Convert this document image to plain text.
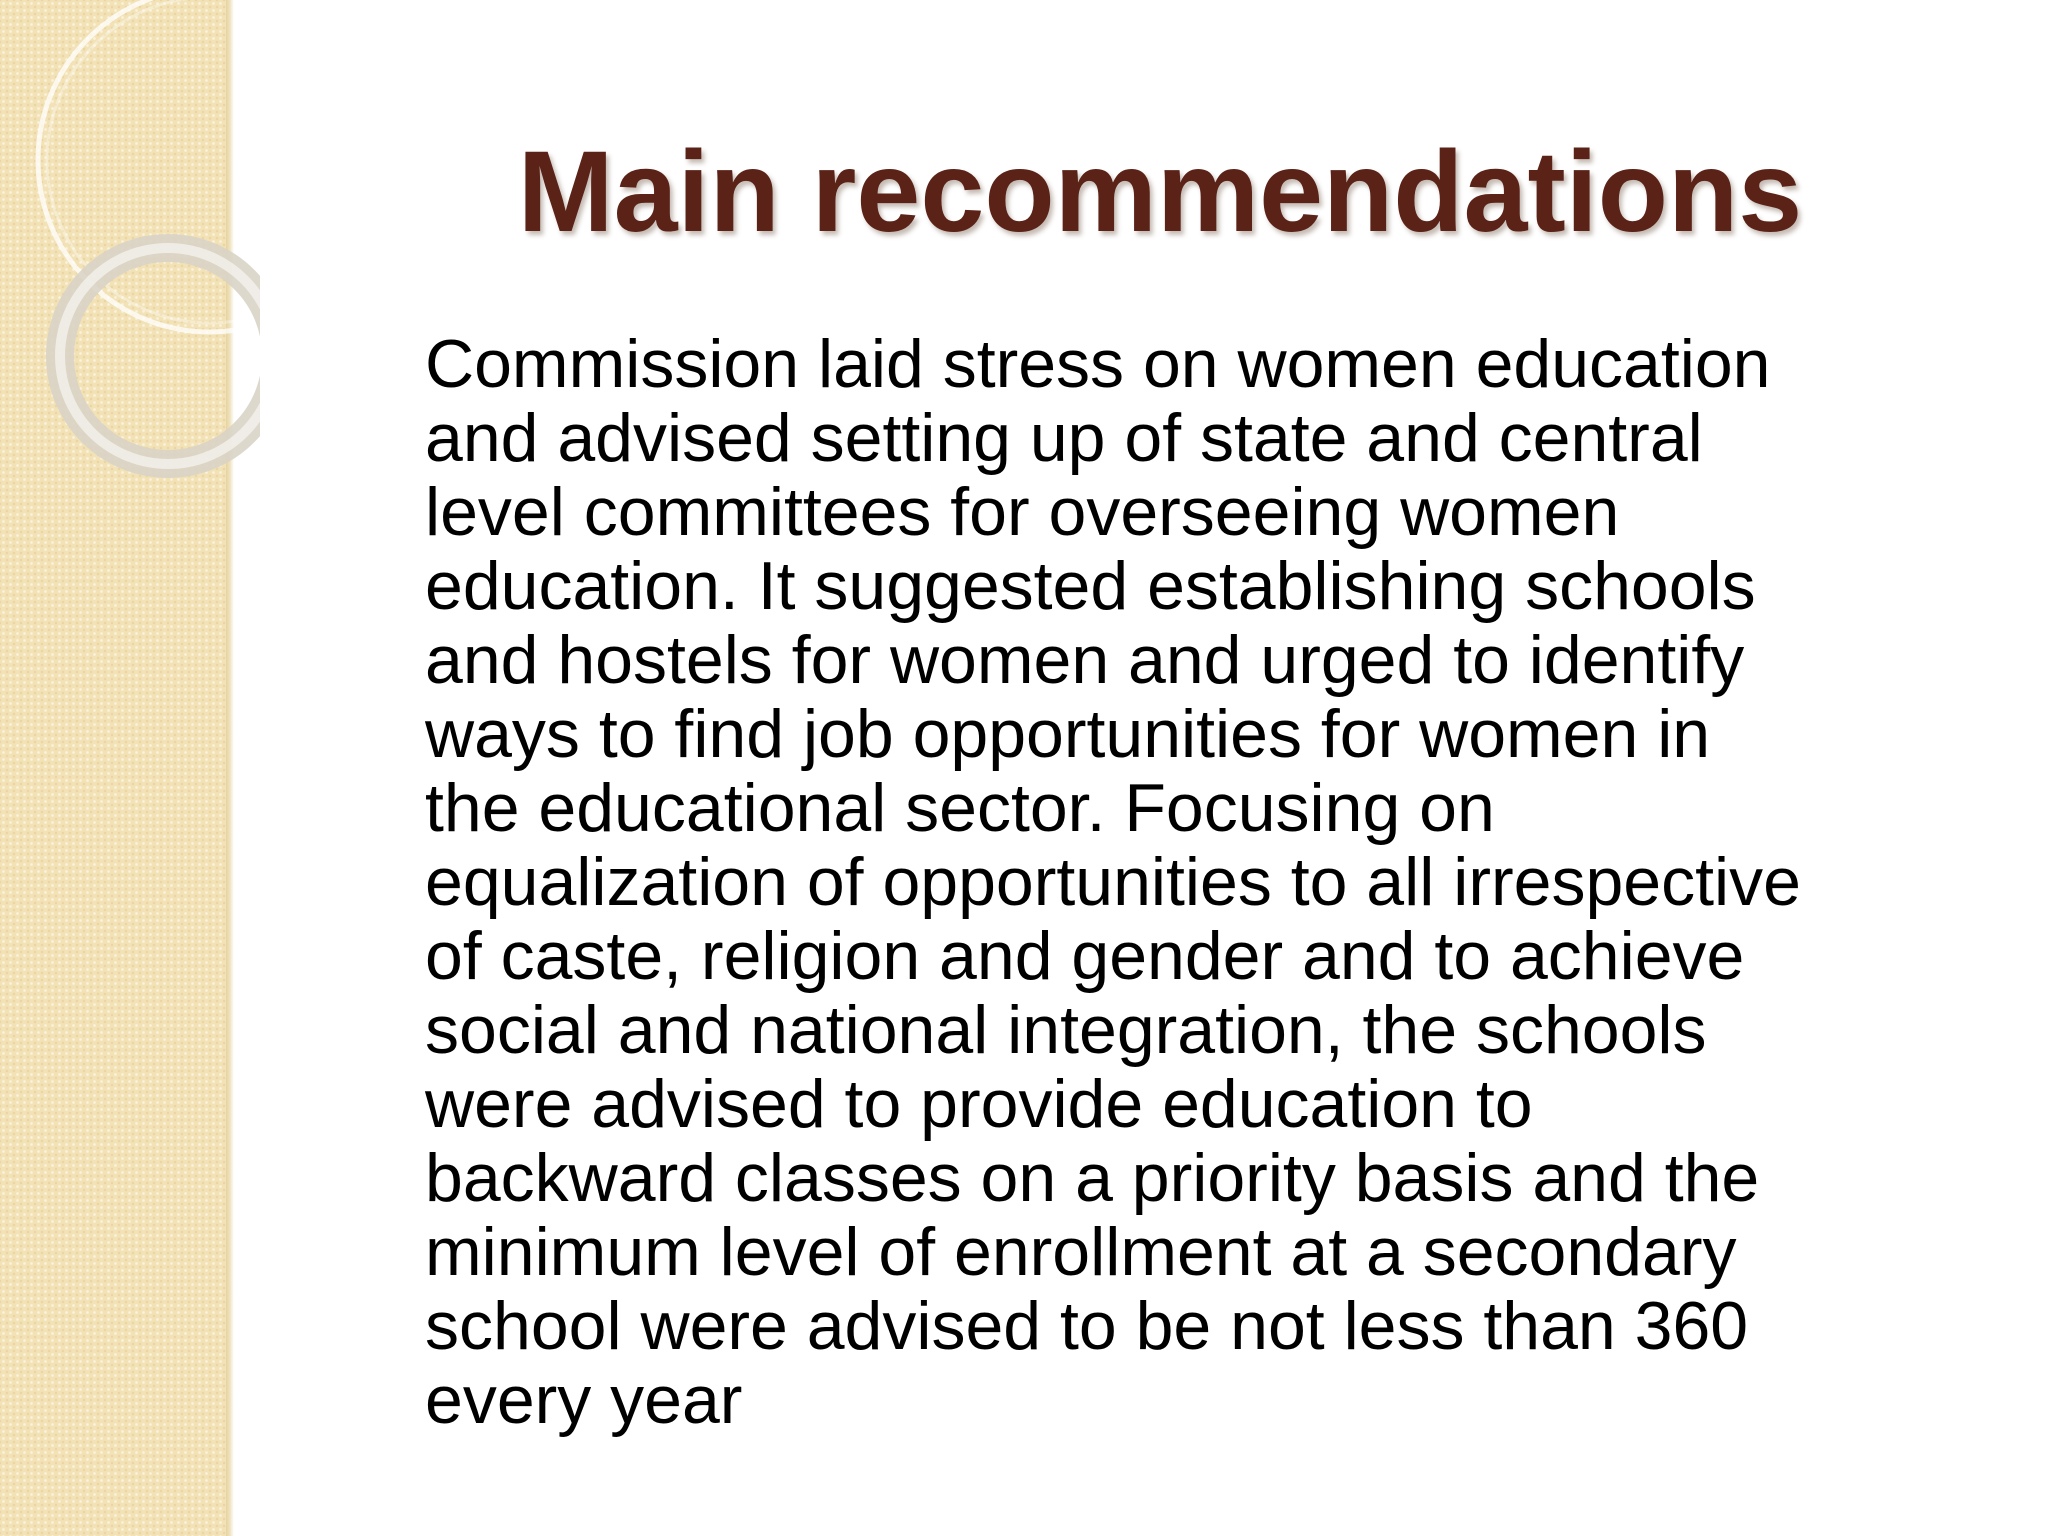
Main recommendations

Commission laid stress on women education
and advised setting up of state and central
level committees for overseeing women
education. It suggested establishing schools
and hostels for women and urged to identify
ways to find job opportunities for women in
the educational sector. Focusing on
equalization of opportunities to all irrespective
of caste, religion and gender and to achieve
social and national integration, the schools
were advised to provide education to
backward classes on a priority basis and the
minimum level of enrollment at a secondary
school were advised to be not less than 360
every year
